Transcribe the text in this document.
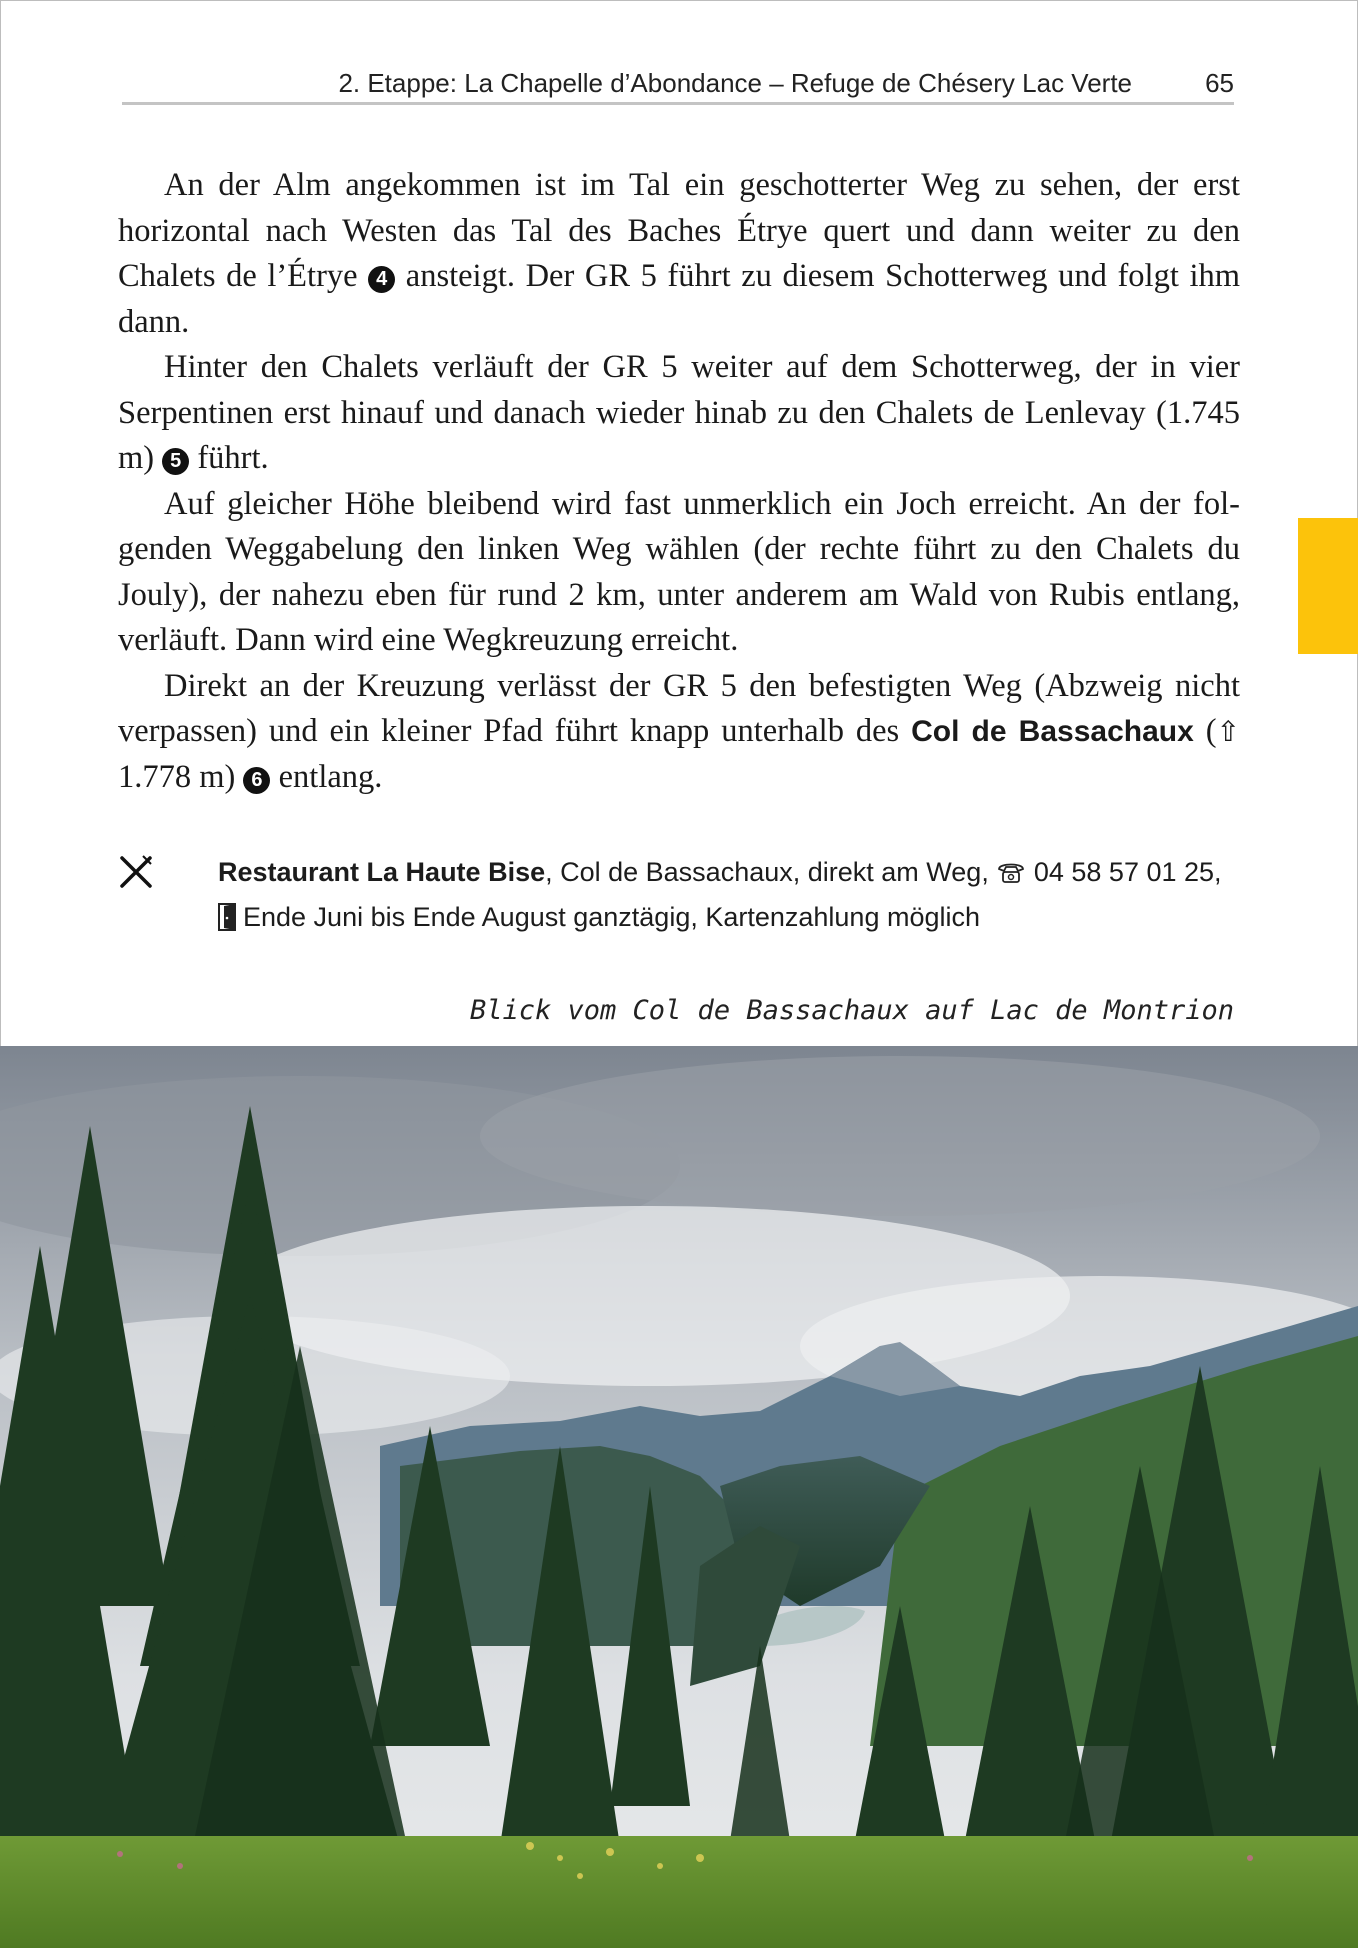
2. Etappe: La Chapelle d’Abondance – Refuge de Chésery Lac Verte	65

An der Alm angekommen ist im Tal ein geschotterter Weg zu sehen, der erst horizontal nach Westen das Tal des Baches Étrye quert und dann weiter zu den Chalets de l’Étrye 4 ansteigt. Der GR 5 führt zu diesem Schotterweg und folgt ihm dann.

Hinter den Chalets verläuft der GR 5 weiter auf dem Schotterweg, der in vier Serpentinen erst hinauf und danach wieder hinab zu den Chalets de Lenlevay (1.745 m) 5 führt.

Auf gleicher Höhe bleibend wird fast unmerklich ein Joch erreicht. An der folgenden Weggabelung den linken Weg wählen (der rechte führt zu den Chalets du Jouly), der nahezu eben für rund 2 km, unter anderem am Wald von Rubis entlang, verläuft. Dann wird eine Wegkreuzung erreicht.

Direkt an der Kreuzung verlässt der GR 5 den befestigten Weg (Abzweig nicht verpassen) und ein kleiner Pfad führt knapp unterhalb des Col de Bassachaux (⇧ 1.778 m) 6 entlang.

Restaurant La Haute Bise, Col de Bassachaux, direkt am Weg, 04 58 57 01 25,
Ende Juni bis Ende August ganztägig, Kartenzahlung möglich
Blick vom Col de Bassachaux auf Lac de Montrion
